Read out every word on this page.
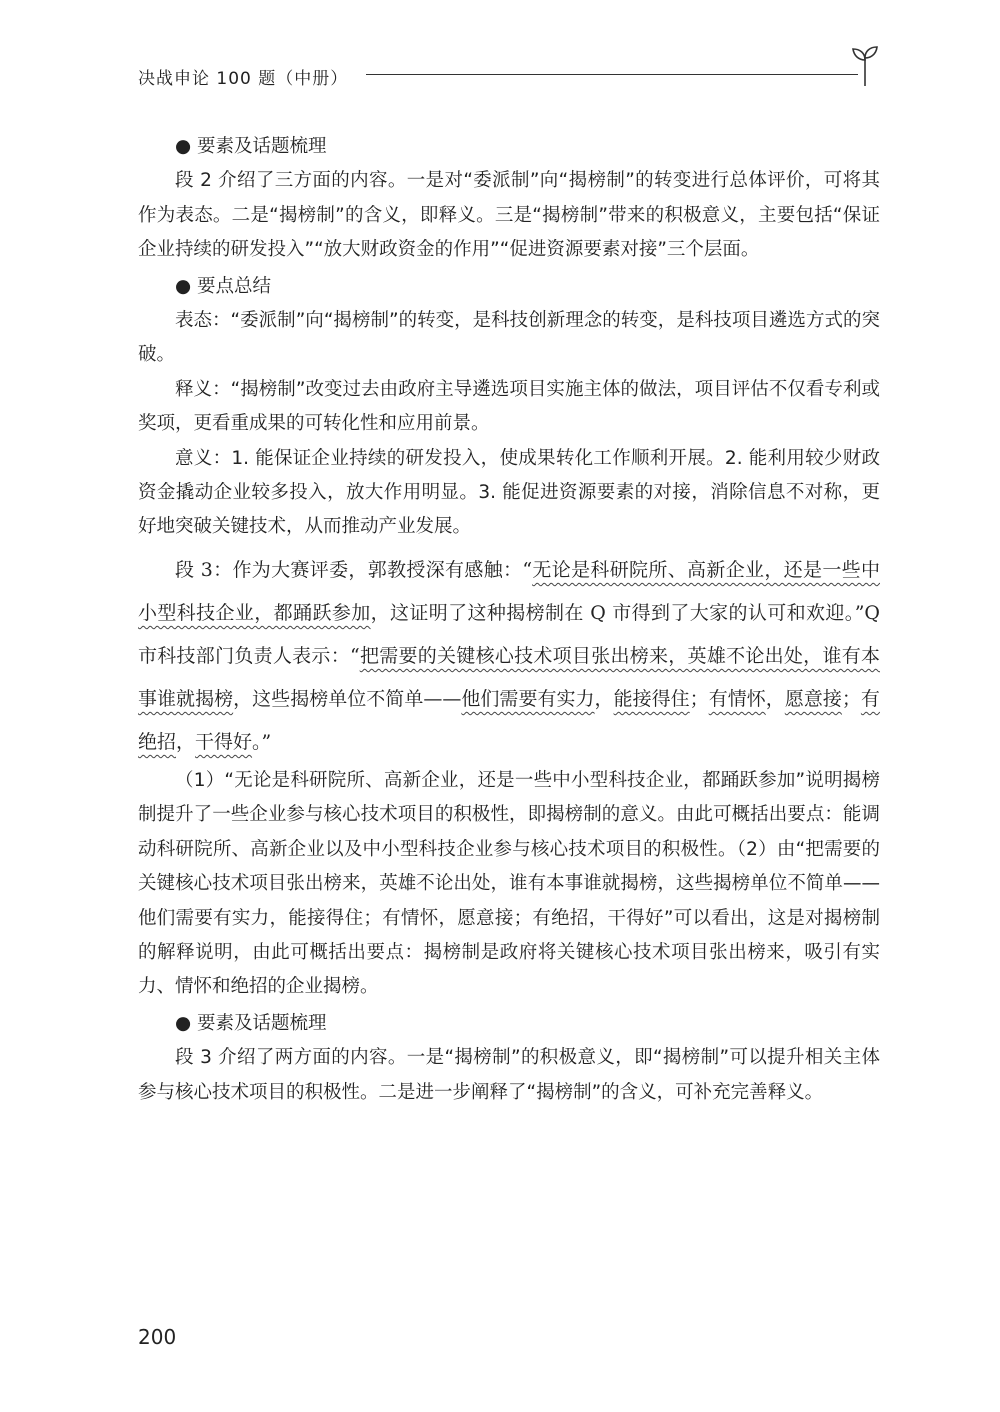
决战申论 100 题（中册）

● 要素及话题梳理

段 2 介绍了三方面的内容。一是对“委派制”向“揭榜制”的转变进行总体评价，可将其作为表态。二是“揭榜制”的含义，即释义。三是“揭榜制”带来的积极意义，主要包括“保证企业持续的研发投入”“放大财政资金的作用”“促进资源要素对接”三个层面。

● 要点总结

表态：“委派制”向“揭榜制”的转变，是科技创新理念的转变，是科技项目遴选方式的突破。

释义：“揭榜制”改变过去由政府主导遴选项目实施主体的做法，项目评估不仅看专利或奖项，更看重成果的可转化性和应用前景。

意义：1. 能保证企业持续的研发投入，使成果转化工作顺利开展。2. 能利用较少财政资金撬动企业较多投入，放大作用明显。3. 能促进资源要素的对接，消除信息不对称，更好地突破关键技术，从而推动产业发展。

段 3：作为大赛评委，郭教授深有感触：“无论是科研院所、高新企业，还是一些中小型科技企业，都踊跃参加，这证明了这种揭榜制在 Q 市得到了大家的认可和欢迎。”Q 市科技部门负责人表示：“把需要的关键核心技术项目张出榜来，英雄不论出处，谁有本事谁就揭榜，这些揭榜单位不简单——他们需要有实力，能接得住；有情怀，愿意接；有绝招，干得好。”

（1）“无论是科研院所、高新企业，还是一些中小型科技企业，都踊跃参加”说明揭榜制提升了一些企业参与核心技术项目的积极性，即揭榜制的意义。由此可概括出要点：能调动科研院所、高新企业以及中小型科技企业参与核心技术项目的积极性。（2）由“把需要的关键核心技术项目张出榜来，英雄不论出处，谁有本事谁就揭榜，这些揭榜单位不简单——他们需要有实力，能接得住；有情怀，愿意接；有绝招，干得好”可以看出，这是对揭榜制的解释说明，由此可概括出要点：揭榜制是政府将关键核心技术项目张出榜来，吸引有实力、情怀和绝招的企业揭榜。

● 要素及话题梳理

段 3 介绍了两方面的内容。一是“揭榜制”的积极意义，即“揭榜制”可以提升相关主体参与核心技术项目的积极性。二是进一步阐释了“揭榜制”的含义，可补充完善释义。

200
